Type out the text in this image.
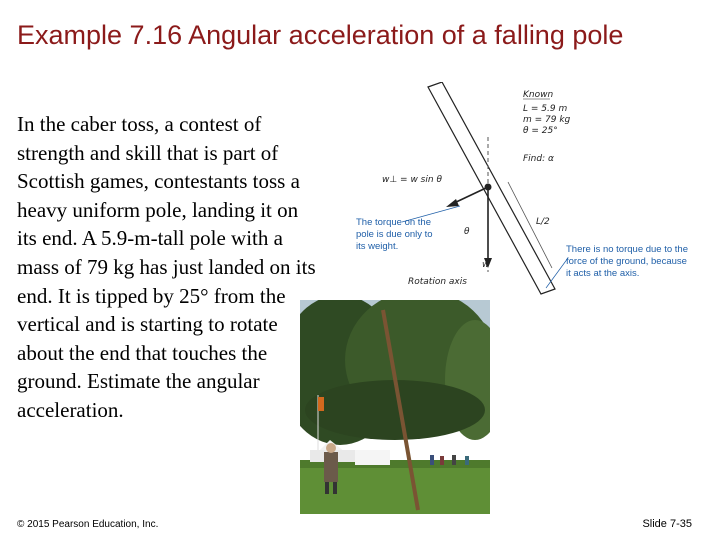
Example 7.16 Angular acceleration of a falling pole

In the caber toss, a contest of strength and skill that is part of Scottish games, contestants toss a heavy uniform pole, landing it on its end. A 5.9-m-tall pole with a mass of 79 kg has just landed on its end. It is tipped by 25° from the vertical and is starting to rotate about the end that touches the ground. Estimate the angular acceleration.

Known
L = 5.9 m
m = 79 kg
θ = 25°
Find: α
w⊥ = w sin θ
θ
L/2
w
Rotation axis
The torque on the
pole is due only to
its weight.	There is no torque due to the
force of the ground, because
it acts at the axis.
© 2015 Pearson Education, Inc.	Slide 7-35
